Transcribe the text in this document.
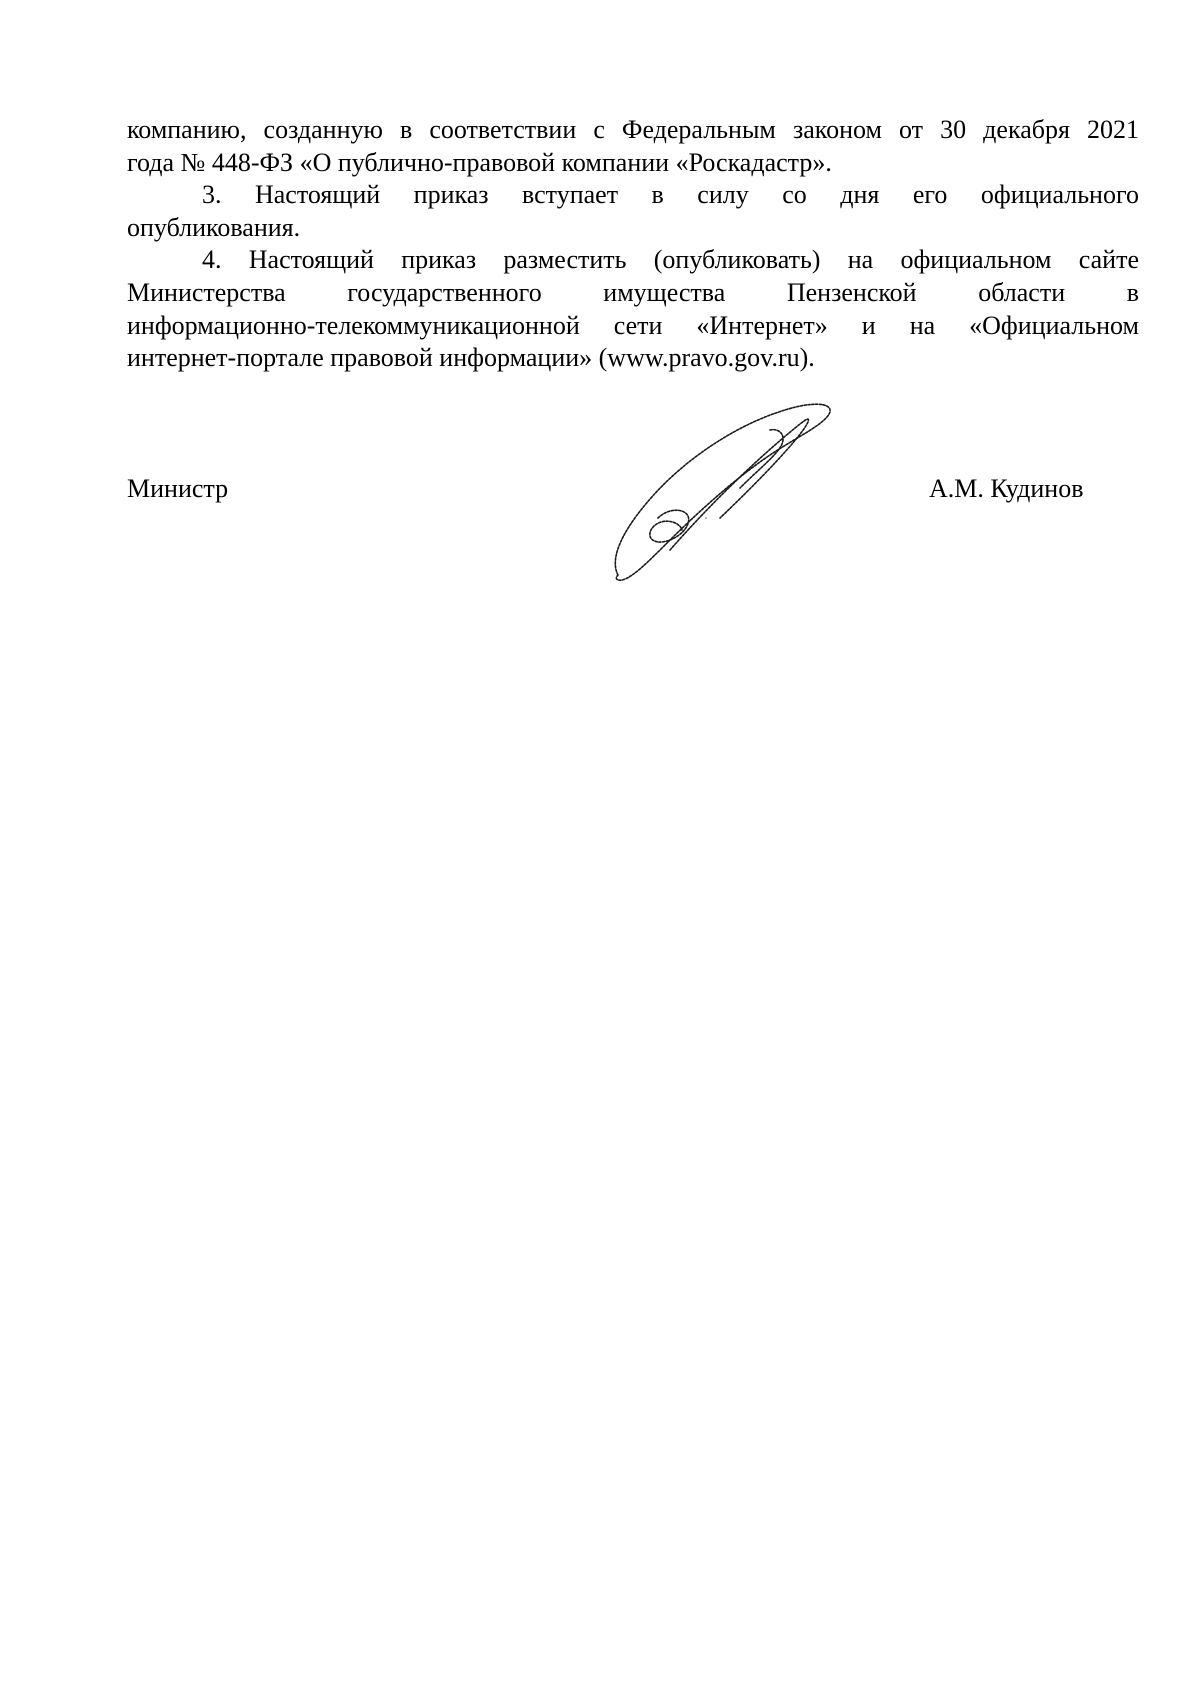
компанию, созданную в соответствии с Федеральным законом от 30 декабря 2021
года № 448-ФЗ «О публично-правовой компании «Роскадастр».

3. Настоящий приказ вступает в силу со дня его официального
опубликования.

4. Настоящий приказ разместить (опубликовать) на официальном сайте
Министерства государственного имущества Пензенской области в
информационно-телекоммуникационной сети «Интернет» и на «Официальном
интернет-портале правовой информации» (www.pravo.gov.ru).

Министр	А.М. Кудинов
